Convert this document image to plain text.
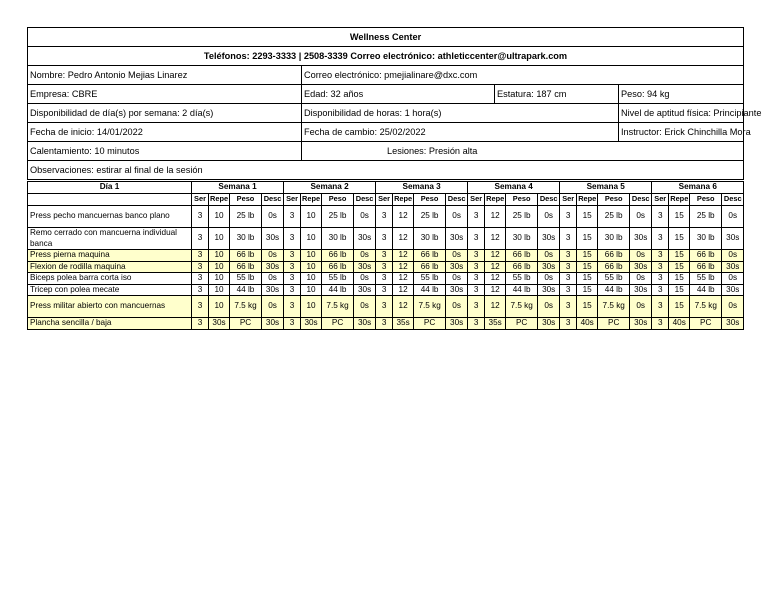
Wellness Center			
Teléfonos: 2293-3333 | 2508-3339 Correo electrónico: athleticcenter@ultrapark.com			
Nombre: Pedro Antonio Mejias Linarez	Correo electrónico: pmejialinare@dxc.com		
Empresa: CBRE	Edad: 32 años	Estatura: 187 cm	Peso: 94 kg
Disponibilidad de día(s) por semana: 2 día(s)	Disponibilidad de horas: 1 hora(s)		Nivel de aptitud física: Principiante
Fecha de inicio: 14/01/2022	Fecha de cambio: 25/02/2022		Instructor: Erick Chinchilla Mora
Calentamiento: 10 minutos	Lesiones: Presión alta		
Observaciones: estirar al final de la sesión			
Día 1	Semana 1				Semana 2				Semana 3				Semana 4				Semana 5				Semana 6			
	Ser	Repe	Peso	Desc	Ser	Repe	Peso	Desc	Ser	Repe	Peso	Desc	Ser	Repe	Peso	Desc	Ser	Repe	Peso	Desc	Ser	Repe	Peso	Desc
Press pecho mancuernas banco plano	3	10	25 lb	0s	3	10	25 lb	0s	3	12	25 lb	0s	3	12	25 lb	0s	3	15	25 lb	0s	3	15	25 lb	0s
Remo cerrado con mancuerna individual banca	3	10	30 lb	30s	3	10	30 lb	30s	3	12	30 lb	30s	3	12	30 lb	30s	3	15	30 lb	30s	3	15	30 lb	30s
Press pierna maquina	3	10	66 lb	0s	3	10	66 lb	0s	3	12	66 lb	0s	3	12	66 lb	0s	3	15	66 lb	0s	3	15	66 lb	0s
Flexion de rodilla maquina	3	10	66 lb	30s	3	10	66 lb	30s	3	12	66 lb	30s	3	12	66 lb	30s	3	15	66 lb	30s	3	15	66 lb	30s
Biceps polea barra corta iso	3	10	55 lb	0s	3	10	55 lb	0s	3	12	55 lb	0s	3	12	55 lb	0s	3	15	55 lb	0s	3	15	55 lb	0s
Tricep con polea mecate	3	10	44 lb	30s	3	10	44 lb	30s	3	12	44 lb	30s	3	12	44 lb	30s	3	15	44 lb	30s	3	15	44 lb	30s
Press militar abierto con mancuernas	3	10	7.5 kg	0s	3	10	7.5 kg	0s	3	12	7.5 kg	0s	3	12	7.5 kg	0s	3	15	7.5 kg	0s	3	15	7.5 kg	0s
Plancha sencilla / baja	3	30s	PC	30s	3	30s	PC	30s	3	35s	PC	30s	3	35s	PC	30s	3	40s	PC	30s	3	40s	PC	30s
